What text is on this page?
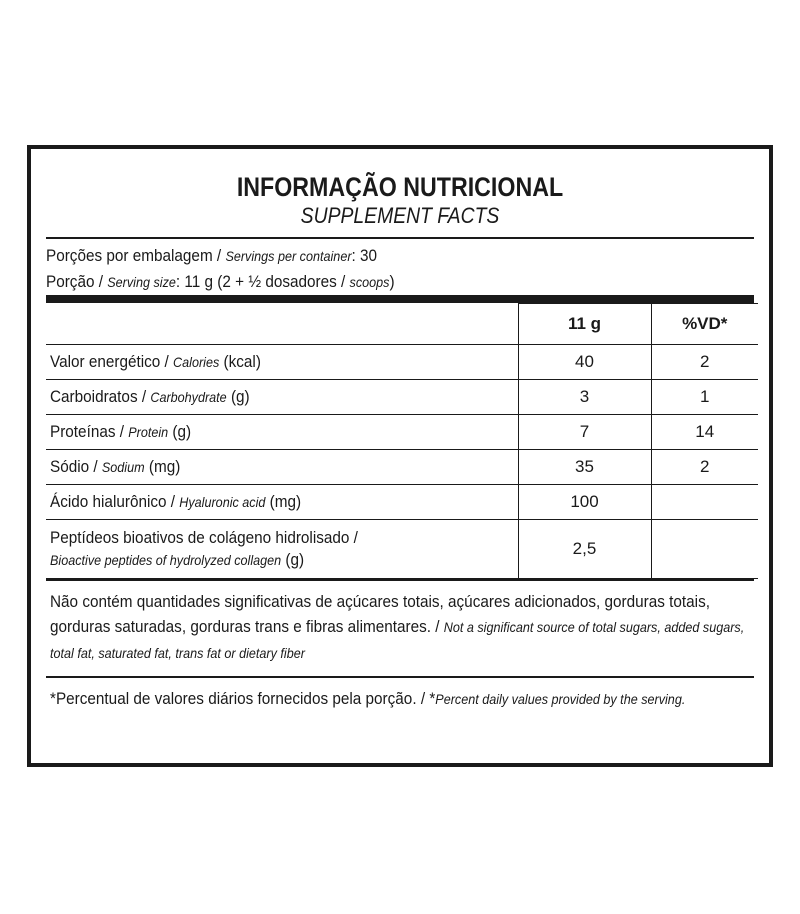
INFORMAÇÃO NUTRICIONAL
SUPPLEMENT FACTS
Porções por embalagem / Servings per container: 30
Porção / Serving size: 11 g (2 + ½ dosadores / scoops)
	11 g	%VD*
Valor energético / Calories (kcal)	40	2
Carboidratos / Carbohydrate (g)	3	1
Proteínas / Protein (g)	7	14
Sódio / Sodium (mg)	35	2
Ácido hialurônico / Hyaluronic acid (mg)	100	
Peptídeos bioativos de colágeno hidrolisado /
Bioactive peptides of hydrolyzed collagen (g)	2,5	
Não contém quantidades significativas de açúcares totais, açúcares adicionados, gorduras totais, gorduras saturadas, gorduras trans e fibras alimentares. / Not a significant source of total sugars, added sugars, total fat, saturated fat, trans fat or dietary fiber
*Percentual de valores diários fornecidos pela porção. / *Percent daily values provided by the serving.
